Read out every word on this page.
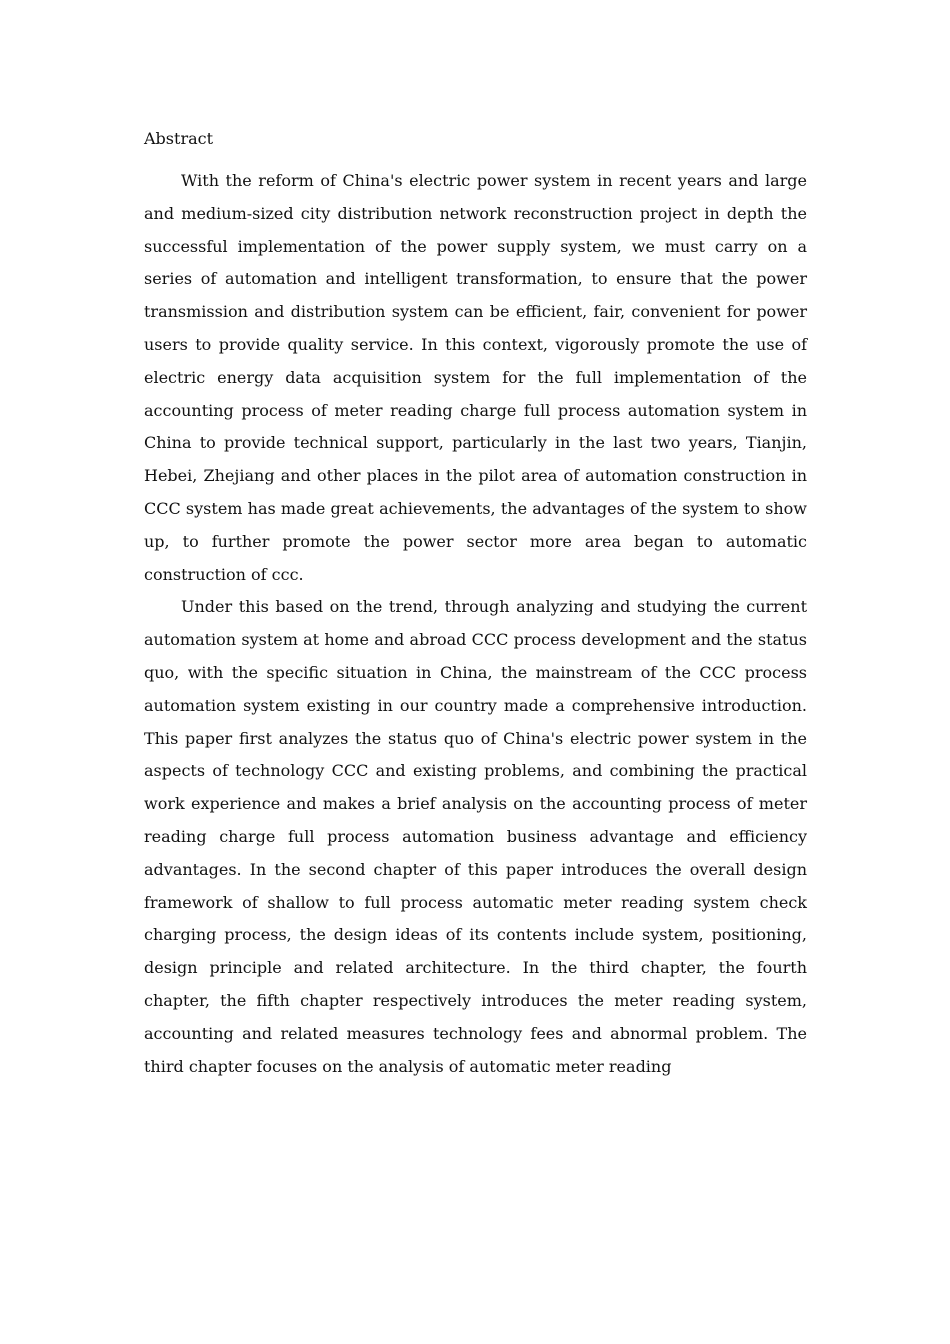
Abstract

With the reform of China's electric power system in recent years and large and medium-sized city distribution network reconstruction project in depth the successful implementation of the power supply system, we must carry on a series of automation and intelligent transformation, to ensure that the power transmission and distribution system can be efficient, fair, convenient for power users to provide quality service. In this context, vigorously promote the use of electric energy data acquisition system for the full implementation of the accounting process of meter reading charge full process automation system in China to provide technical support, particularly in the last two years, Tianjin, Hebei, Zhejiang and other places in the pilot area of automation construction in CCC system has made great achievements, the advantages of the system to show up, to further promote the power sector more area began to automatic construction of ccc.

Under this based on the trend, through analyzing and studying the current automation system at home and abroad CCC process development and the status quo, with the specific situation in China, the mainstream of the CCC process automation system existing in our country made a comprehensive introduction. This paper first analyzes the status quo of China's electric power system in the aspects of technology CCC and existing problems, and combining the practical work experience and makes a brief analysis on the accounting process of meter reading charge full process automation business advantage and efficiency advantages. In the second chapter of this paper introduces the overall design framework of shallow to full process automatic meter reading system check charging process, the design ideas of its contents include system, positioning, design principle and related architecture. In the third chapter, the fourth chapter, the fifth chapter respectively introduces the meter reading system, accounting and related measures technology fees and abnormal problem. The third chapter focuses on the analysis of automatic meter reading
